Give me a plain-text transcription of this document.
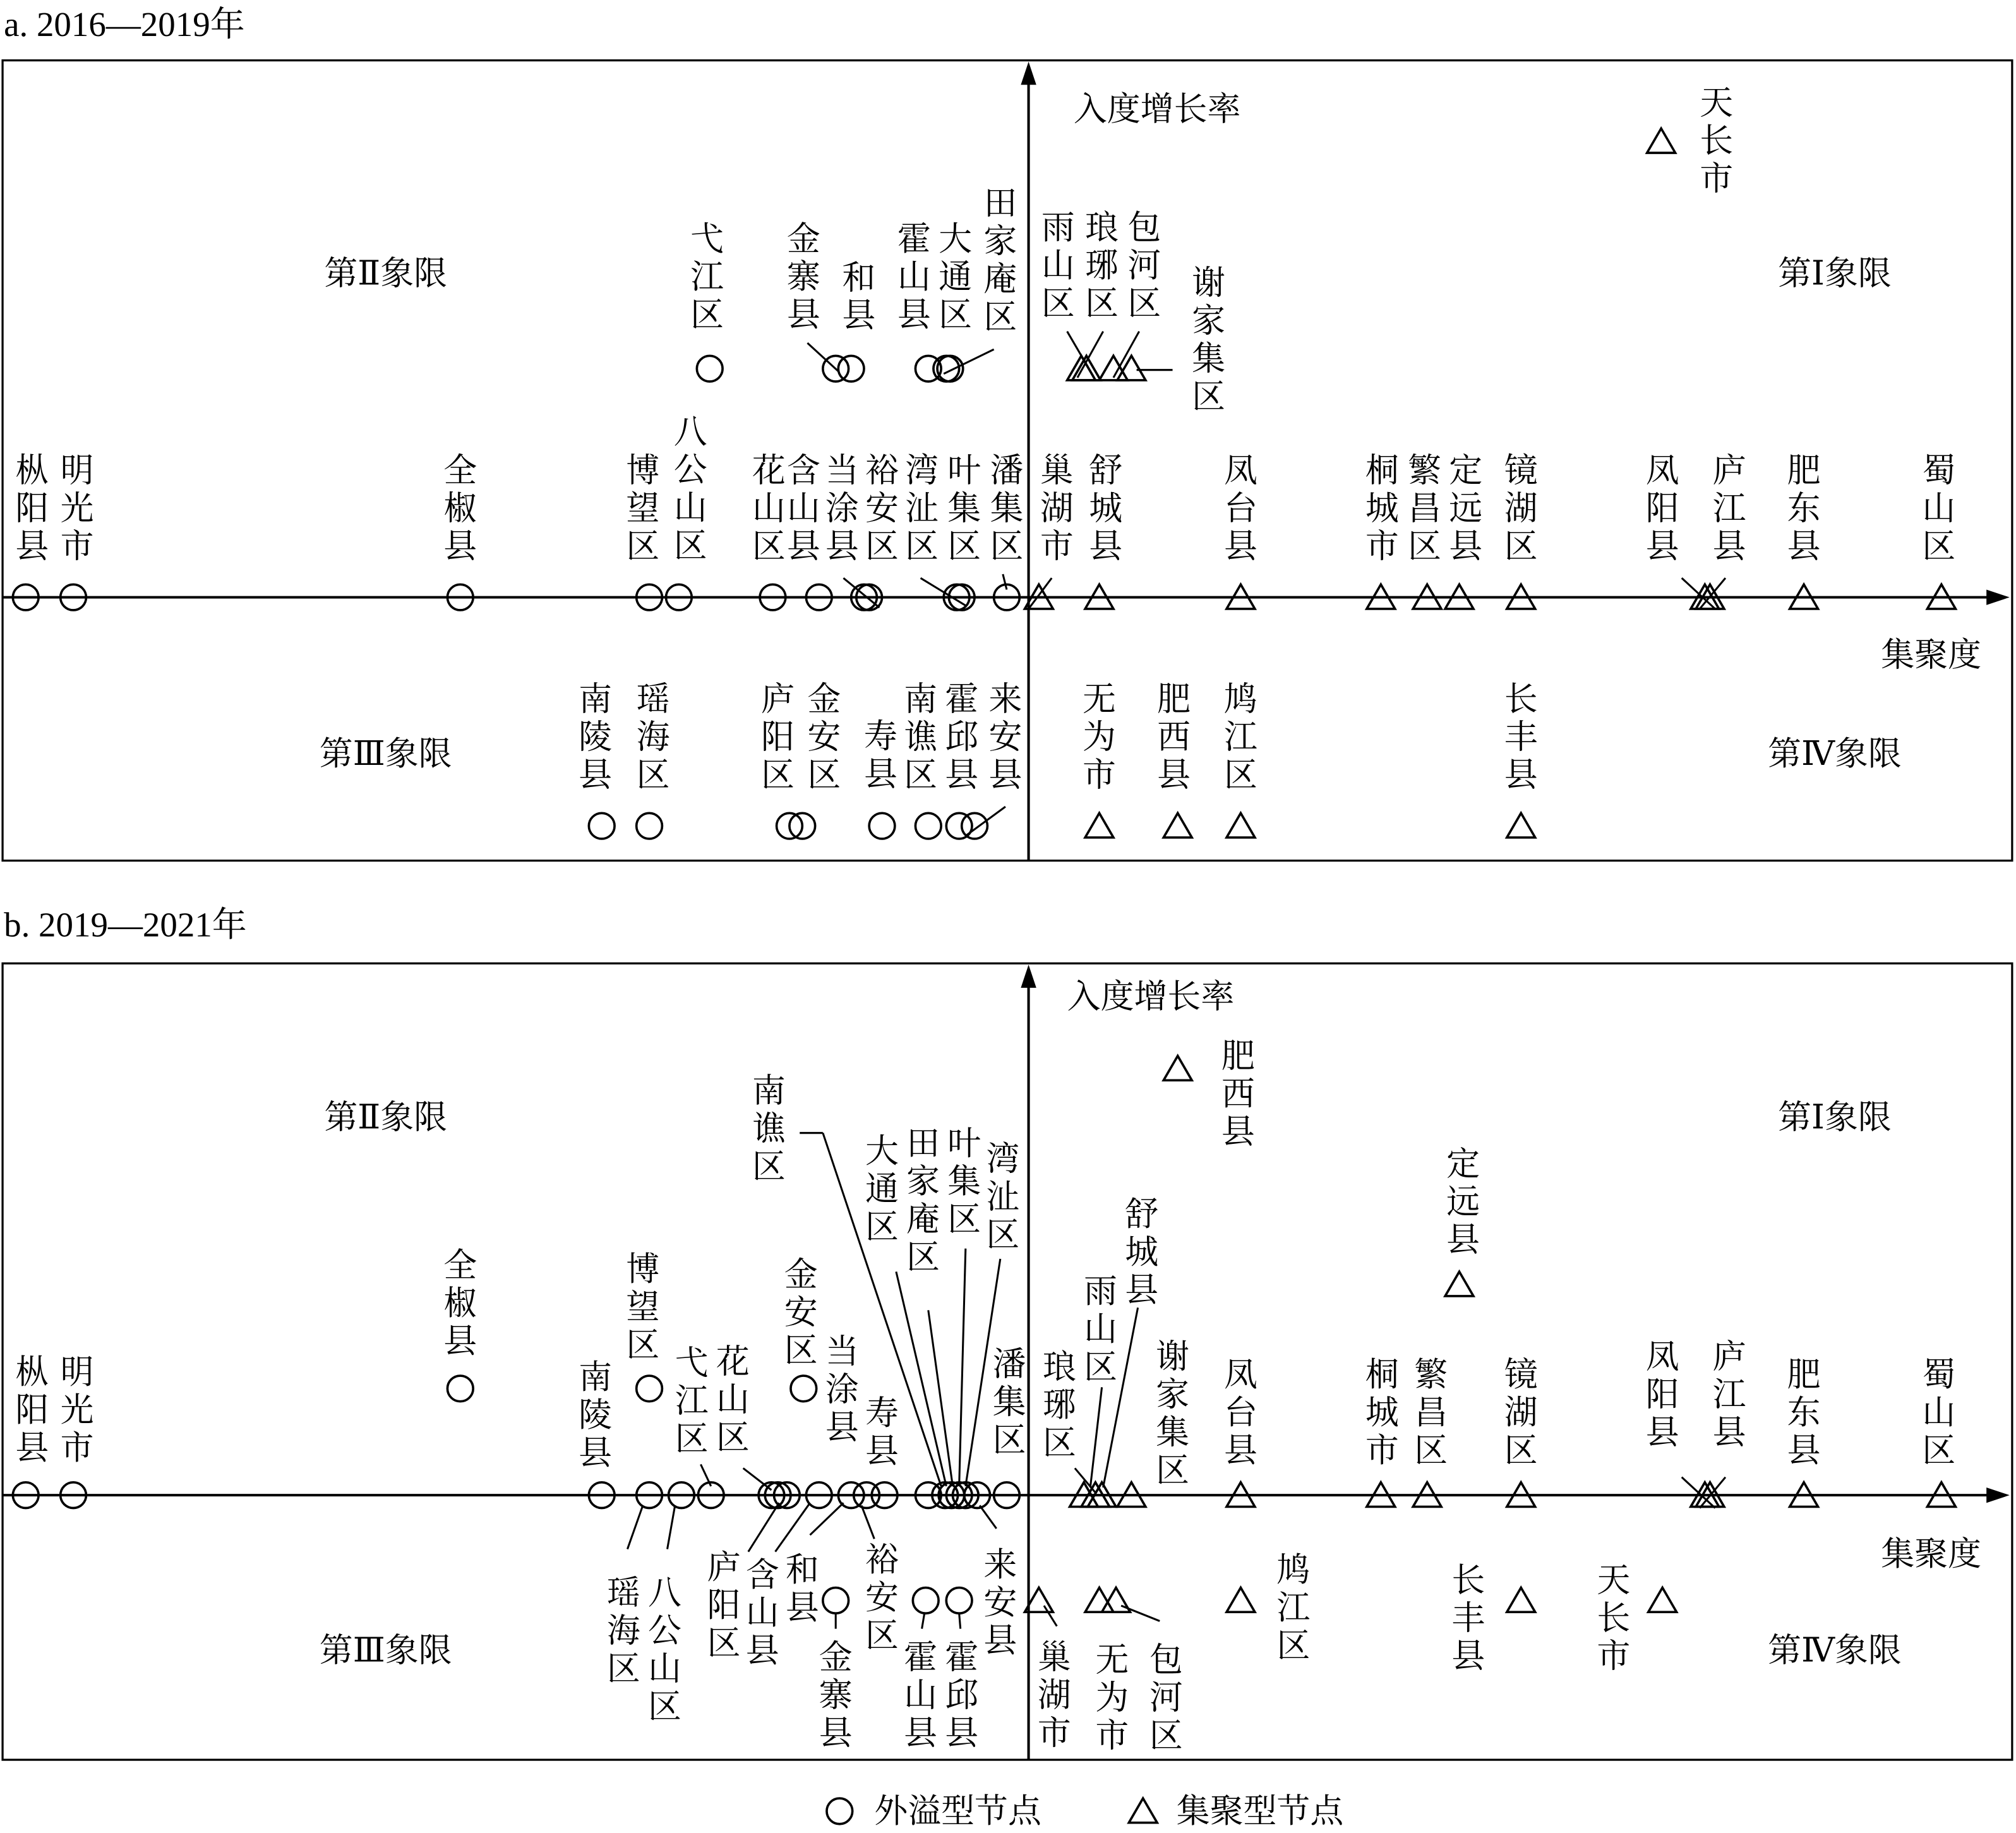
a. 2016—2019年
入度增长率
集聚度
第Ⅱ象限	第Ⅰ象限
第Ⅲ象限	第Ⅳ象限
枞阳县
明光市
全椒县
博望区
八公山区
花山区
含山县
当涂县
裕安区
湾沚区
叶集区
潘集区
巢湖市
舒城县
凤台县
桐城市
繁昌区
定远县
镜湖区
凤阳县
庐江县
肥东县
蜀山区
弋江区
金寨县
和县
霍山县
大通区
田家庵区
雨山区
琅琊区
包河区
谢家集区
天长市
南陵县
瑶海区
庐阳区
金安区
寿县
南谯区
霍邱县
来安县
无为市
肥西县
鸠江区
长丰县
b. 2019—2021年
入度增长率
集聚度
第Ⅱ象限	第Ⅰ象限
第Ⅲ象限	第Ⅳ象限
枞阳县
明光市
全椒县
博望区
南陵县
瑶海区
八公山区
弋江区
花山区
庐阳区
含山县
和县
金安区 当涂县
裕安区
寿县
金寨县
南谯区	大通区
田家庵区
叶集区
湾沚区
来安县
潘集区
霍山县
霍邱县
巢湖市
琅琊区
雨山区
舒城县
谢家集区
肥西县
凤台县
无为市
包河区
鸠江区
桐城市
繁昌区
定远县
镜湖区
长丰县
天长市
凤阳县
庐江县
肥东县
蜀山区
外溢型节点	集聚型节点
